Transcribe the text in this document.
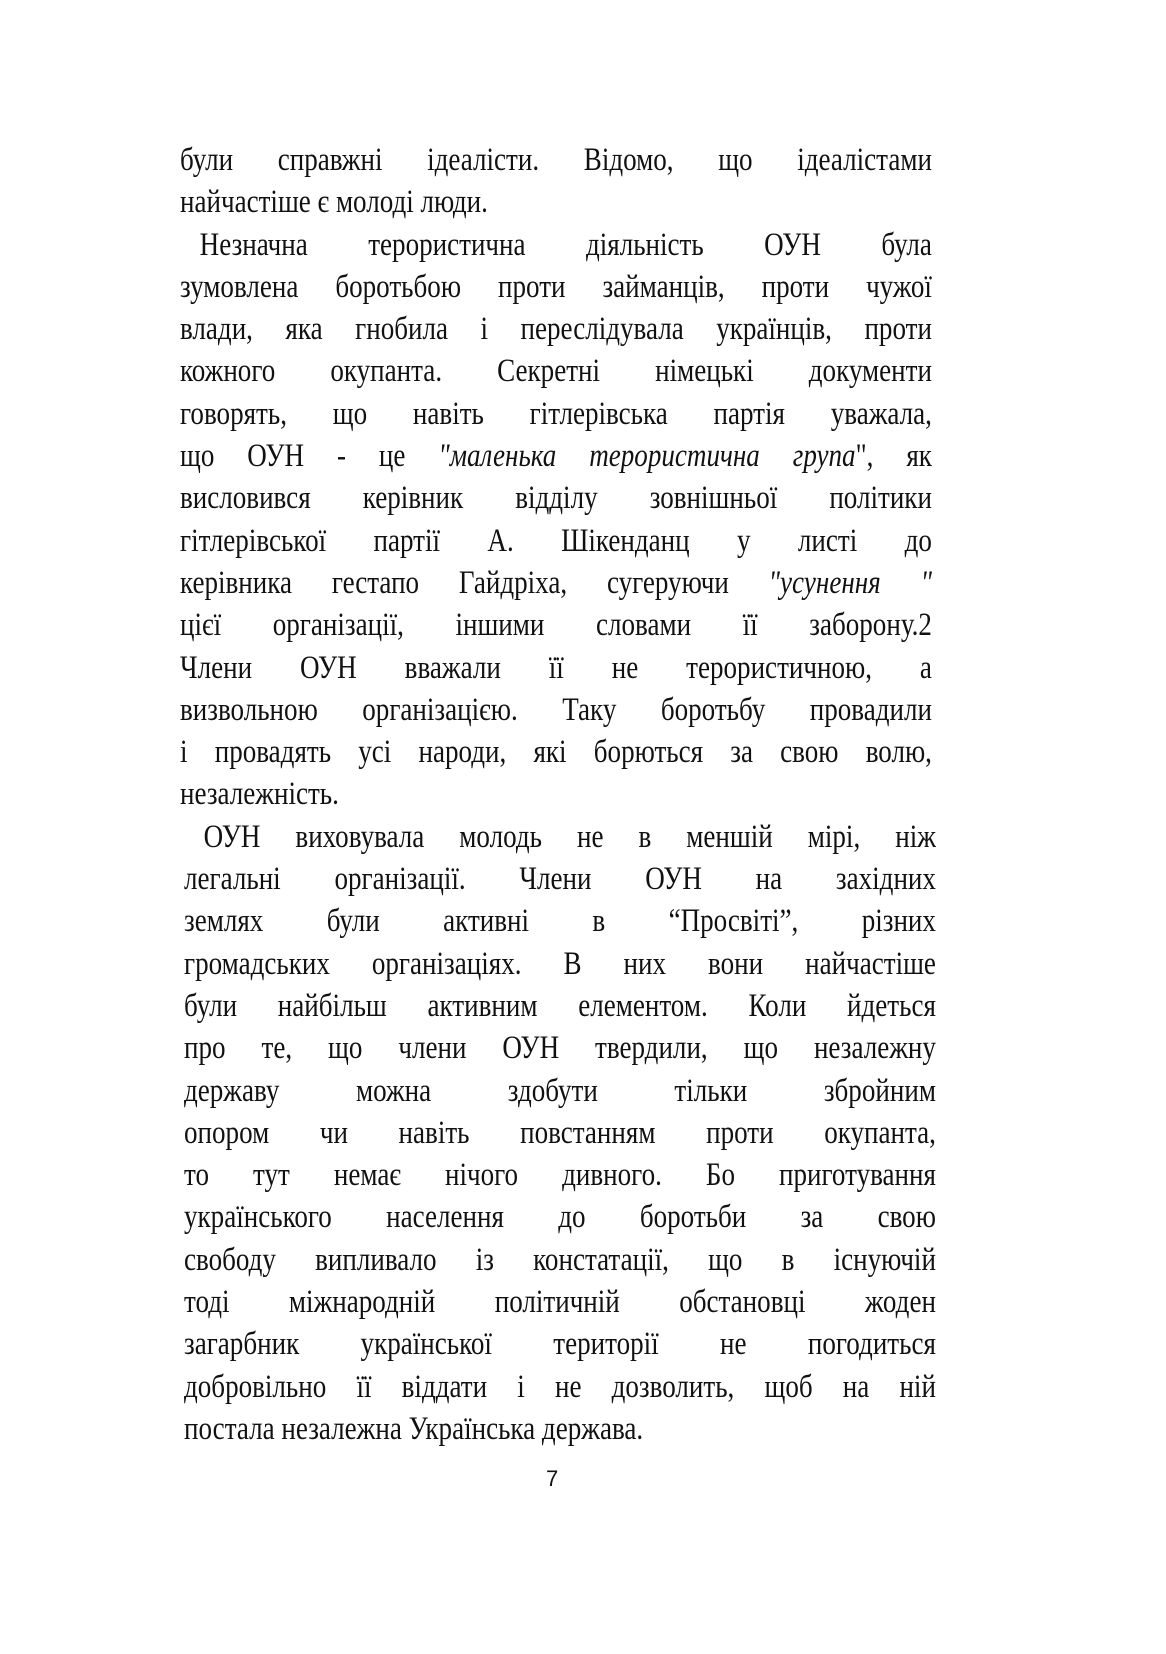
були справжні ідеалісти. Відомо, що ідеалістами
найчастіше є молоді люди.
Незначна терористична діяльність ОУН була
зумовлена боротьбою проти займанців, проти чужої
влади, яка гнобила і переслідувала українців, проти
кожного окупанта. Секретні німецькі документи
говорять, що навіть гітлерівська партія уважала,
що ОУН - це "маленька терористична група", як
висловився керівник відділу зовнішньої політики
гітлерівської партії А. Шікенданц у листі до
керівника гестапо Гайдріха, сугеруючи "усунення "
цієї організації, іншими словами її заборону.2
Члени ОУН вважали її не терористичною, а
визвольною організацією. Таку боротьбу провадили
і провадять усі народи, які борються за свою волю,
незалежність.
ОУН виховувала молодь не в меншій мірі, ніж
легальні організації. Члени ОУН на західних
землях були активні в “Просвіті”, різних
громадських організаціях. В них вони найчастіше
були найбільш активним елементом. Коли йдеться
про те, що члени ОУН твердили, що незалежну
державу можна здобути тільки збройним
опором чи навіть повстанням проти окупанта,
то тут немає нічого дивного. Бо приготування
українського населення до боротьби за свою
свободу випливало із констатації, що в існуючій
тоді міжнародній політичній обстановці жоден
загарбник української території не погодиться
добровільно її віддати і не дозволить, щоб на ній
постала незалежна Українська держава.
7
